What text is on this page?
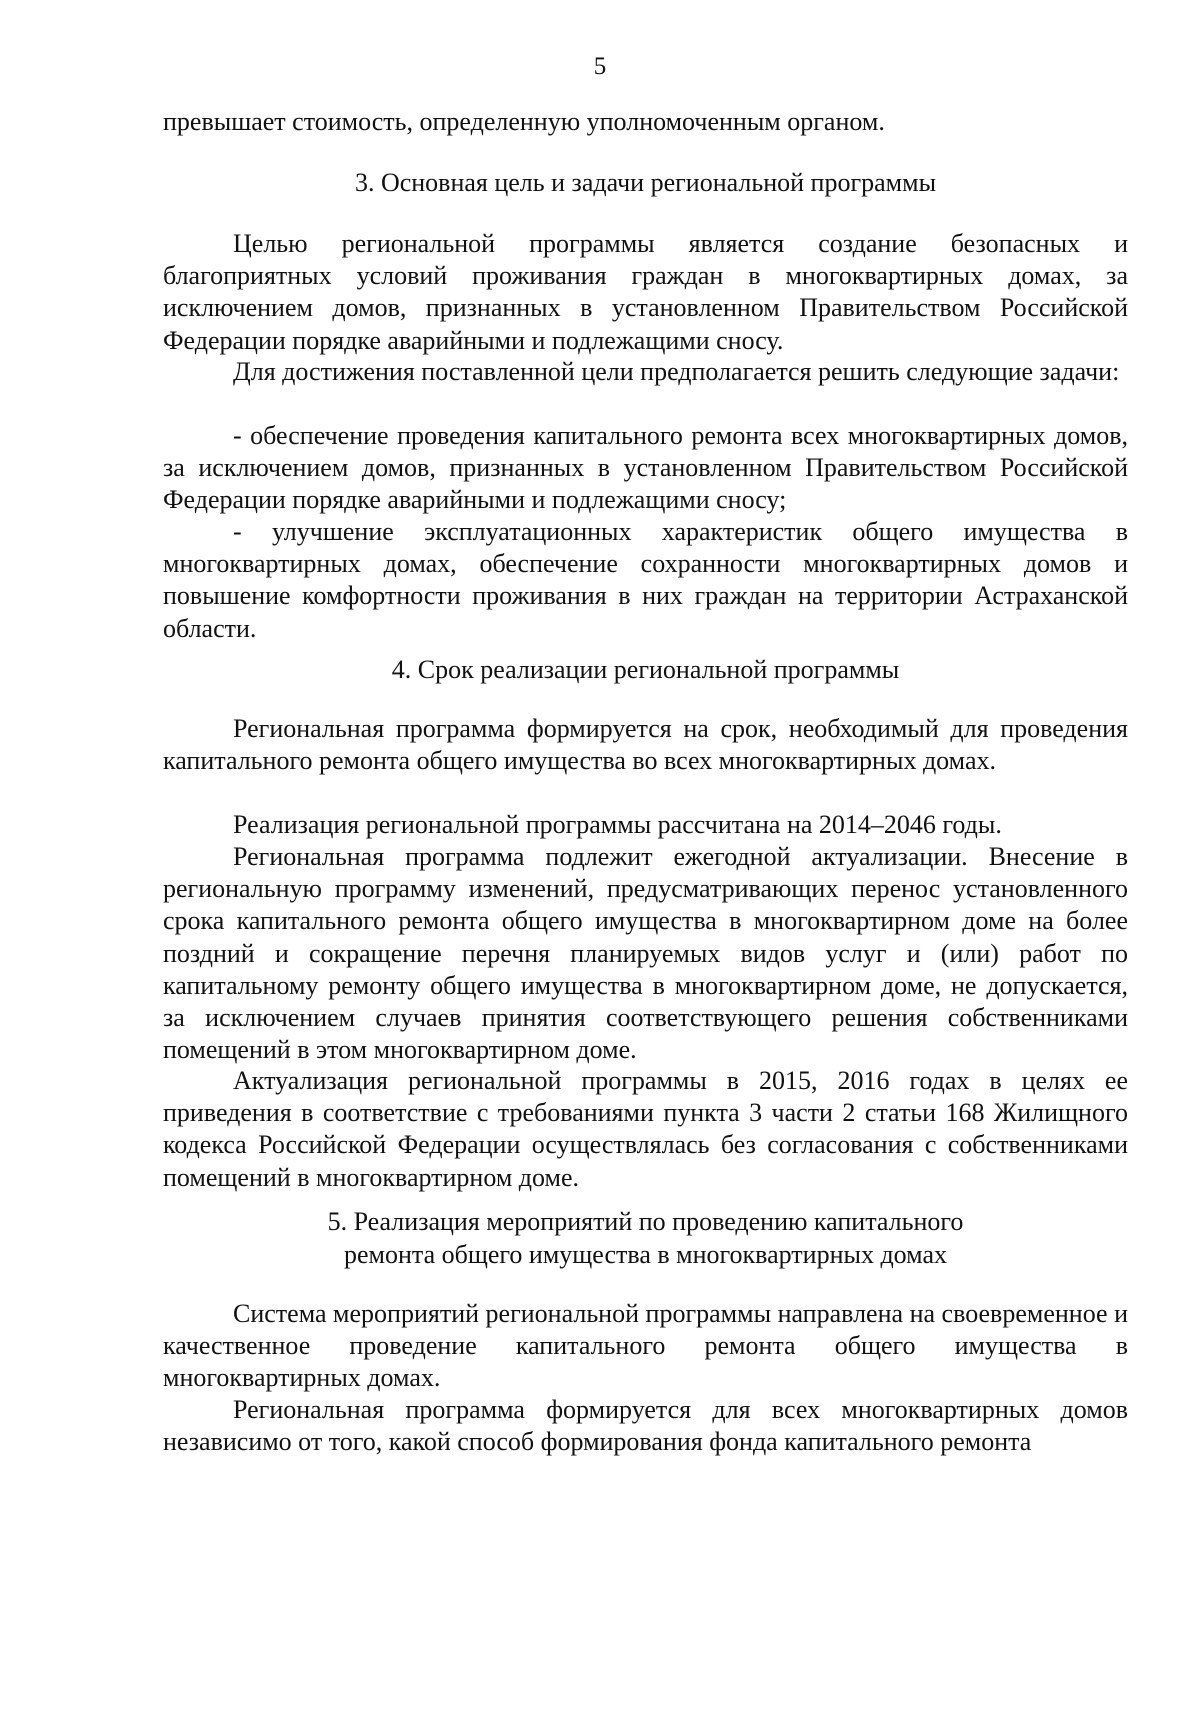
5

превышает стоимость, определенную уполномоченным органом.

3. Основная цель и задачи региональной программы

Целью региональной программы является создание безопасных и благоприятных условий проживания граждан в многоквартирных домах, за исключением домов, признанных в установленном Правительством Российской Федерации порядке аварийными и подлежащими сносу.

Для достижения поставленной цели предполагается решить следующие задачи:

- обеспечение проведения капитального ремонта всех многоквартирных домов, за исключением домов, признанных в установленном Правительством Российской Федерации порядке аварийными и подлежащими сносу;

- улучшение эксплуатационных характеристик общего имущества в многоквартирных домах, обеспечение сохранности многоквартирных домов и повышение комфортности проживания в них граждан на территории Астраханской области.

4. Срок реализации региональной программы

Региональная программа формируется на срок, необходимый для проведения капитального ремонта общего имущества во всех многоквартирных домах.

Реализация региональной программы рассчитана на 2014–2046 годы.

Региональная программа подлежит ежегодной актуализации. Внесение в региональную программу изменений, предусматривающих перенос установленного срока капитального ремонта общего имущества в многоквартирном доме на более поздний и сокращение перечня планируемых видов услуг и (или) работ по капитальному ремонту общего имущества в многоквартирном доме, не допускается, за исключением случаев принятия соответствующего решения собственниками помещений в этом многоквартирном доме.

Актуализация региональной программы в 2015, 2016 годах в целях ее приведения в соответствие с требованиями пункта 3 части 2 статьи 168 Жилищного кодекса Российской Федерации осуществлялась без согласования с собственниками помещений в многоквартирном доме.

5. Реализация мероприятий по проведению капитального
ремонта общего имущества в многоквартирных домах

Система мероприятий региональной программы направлена на своевременное и качественное проведение капитального ремонта общего имущества в многоквартирных домах.

Региональная программа формируется для всех многоквартирных домов независимо от того, какой способ формирования фонда капитального ремонта
